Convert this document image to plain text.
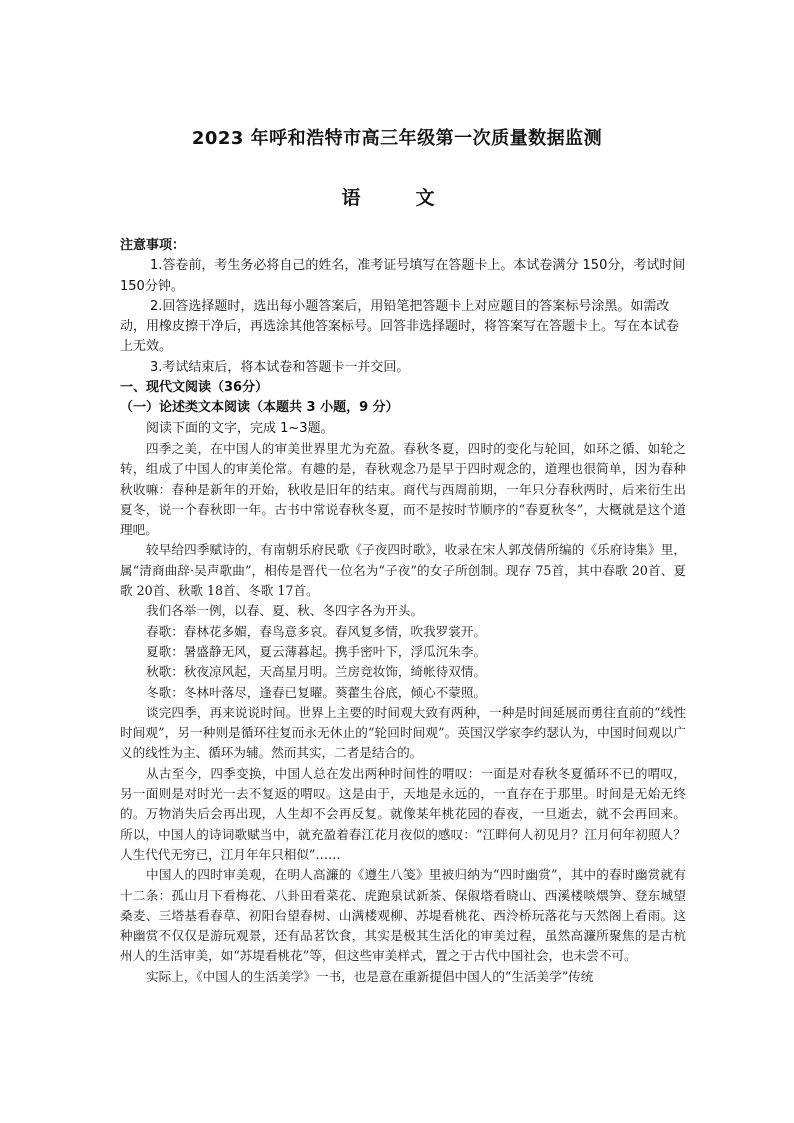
2023 年呼和浩特市高三年级第一次质量数据监测
语　文

注意事项：

1.答卷前，考生务必将自己的姓名，准考证号填写在答题卡上。本试卷满分 150分，考试时间 150分钟。

2.回答选择题时，选出每小题答案后，用铅笔把答题卡上对应题目的答案标号涂黑。如需改动，用橡皮擦干净后，再选涂其他答案标号。回答非选择题时，将答案写在答题卡上。写在本试卷上无效。

3.考试结束后，将本试卷和答题卡一并交回。

一、现代文阅读（36分）

（一）论述类文本阅读（本题共 3 小题，9 分）

阅读下面的文字，完成 1~3题。

四季之美，在中国人的审美世界里尤为充盈。春秋冬夏，四时的变化与轮回，如环之循、如轮之转，组成了中国人的审美伦常。有趣的是，春秋观念乃是早于四时观念的，道理也很简单，因为春种秋收嘛：春种是新年的开始，秋收是旧年的结束。商代与西周前期，一年只分春秋两时，后来衍生出夏冬，说一个春秋即一年。古书中常说春秋冬夏，而不是按时节顺序的“春夏秋冬”，大概就是这个道理吧。

较早给四季赋诗的，有南朝乐府民歌《子夜四时歌》，收录在宋人郭茂倩所编的《乐府诗集》里，属“清商曲辞·吴声歌曲”，相传是晋代一位名为“子夜”的女子所创制。现存 75首，其中春歌 20首、夏歌 20首、秋歌 18首、冬歌 17首。

我们各举一例，以春、夏、秋、冬四字各为开头。

春歌：春林花多媚，春鸟意多哀。春风复多情，吹我罗裳开。

夏歌：暑盛静无风，夏云薄暮起。携手密叶下，浮瓜沉朱李。

秋歌：秋夜凉风起，天高星月明。兰房竞妆饰，绮帐待双情。

冬歌：冬林叶落尽，逢春已复曜。葵藿生谷底，倾心不蒙照。

谈完四季，再来说说时间。世界上主要的时间观大致有两种，一种是时间延展而勇往直前的“线性时间观”，另一种则是循环往复而永无休止的“轮回时间观”。英国汉学家李约瑟认为，中国时间观以广义的线性为主、循环为辅。然而其实，二者是结合的。

从古至今，四季变换，中国人总在发出两种时间性的喟叹：一面是对春秋冬夏循环不已的喟叹，另一面则是对时光一去不复返的喟叹。这是由于，天地是永远的，一直存在于那里。时间是无始无终的。万物消失后会再出现，人生却不会再反复。就像某年桃花园的春夜，一旦逝去，就不会再回来。所以，中国人的诗词歌赋当中，就充盈着春江花月夜似的感叹：“江畔何人初见月？江月何年初照人？人生代代无穷已，江月年年只相似”……

中国人的四时审美观，在明人高濂的《遵生八笺》里被归纳为“四时幽赏”，其中的春时幽赏就有十二条：孤山月下看梅花、八卦田看菜花、虎跑泉试新茶、保俶塔看晓山、西溪楼啖煨笋、登东城望桑麦、三塔基看春草、初阳台望春树、山满楼观柳、苏堤看桃花、西泠桥玩落花与天然阁上看雨。这种幽赏不仅仅是游玩观景，还有品茗饮食，其实是极其生活化的审美过程，虽然高濂所聚焦的是古杭州人的生活审美，如“苏堤看桃花”等，但这些审美样式，置之于古代中国社会，也未尝不可。

实际上，《中国人的生活美学》一书，也是意在重新提倡中国人的“生活美学”传统
